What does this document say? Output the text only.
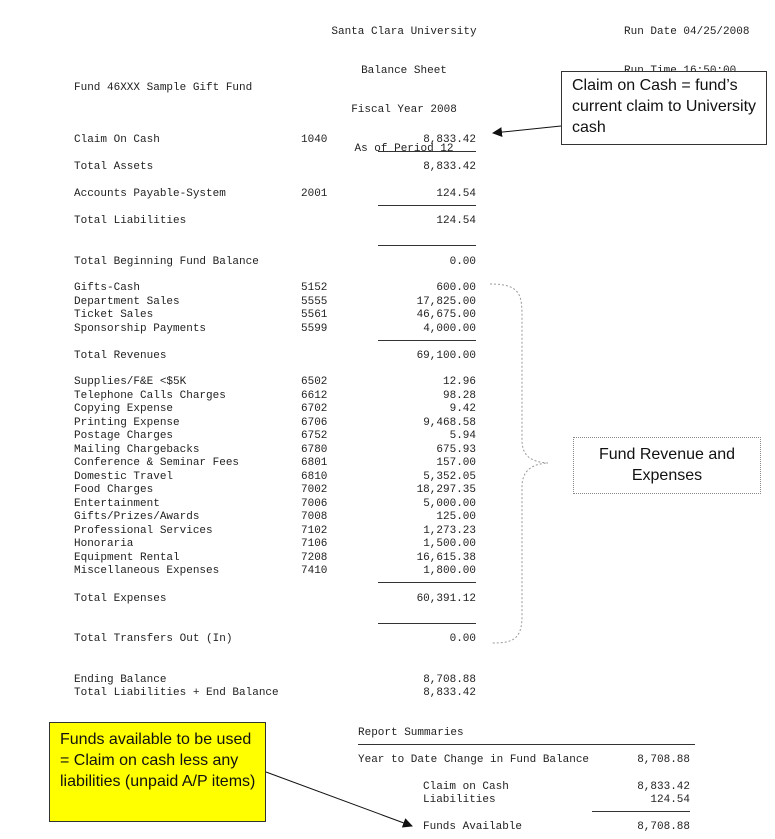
Santa Clara University

Balance Sheet

Fiscal Year 2008

As of Period 12

Run Date 04/25/2008

Fund 46XXX Sample Gift Fund
Claim On Cash	1040	8,833.42
Total Assets	8,833.42
Accounts Payable-System	2001	124.54
Total Liabilities	124.54
Total Beginning Fund Balance	0.00
Gifts-Cash	5152	600.00
Department Sales	5555	17,825.00
Ticket Sales	5561	46,675.00
Sponsorship Payments	5599	4,000.00
Total Revenues	69,100.00
Supplies/F&E <$5K	6502	12.96
Telephone Calls Charges	6612	98.28
Copying Expense	6702	9.42
Printing Expense	6706	9,468.58
Postage Charges	6752	5.94
Mailing Chargebacks	6780	675.93
Conference & Seminar Fees	6801	157.00
Domestic Travel	6810	5,352.05
Food Charges	7002	18,297.35
Entertainment	7006	5,000.00
Gifts/Prizes/Awards	7008	125.00
Professional Services	7102	1,273.23
Honoraria	7106	1,500.00
Equipment Rental	7208	16,615.38
Miscellaneous Expenses	7410	1,800.00
Total Expenses	60,391.12
Total Transfers Out (In)	0.00
Ending Balance	8,708.88
Total Liabilities + End Balance	8,833.42
Report Summaries
Year to Date Change in Fund Balance	8,708.88
Claim on Cash	8,833.42
Liabilities	124.54
Funds Available	8,708.88
Claim on Cash = fund’s current claim to University cash
Fund Revenue and Expenses
Funds available to be used = Claim on cash less any liabilities (unpaid A/P items)
